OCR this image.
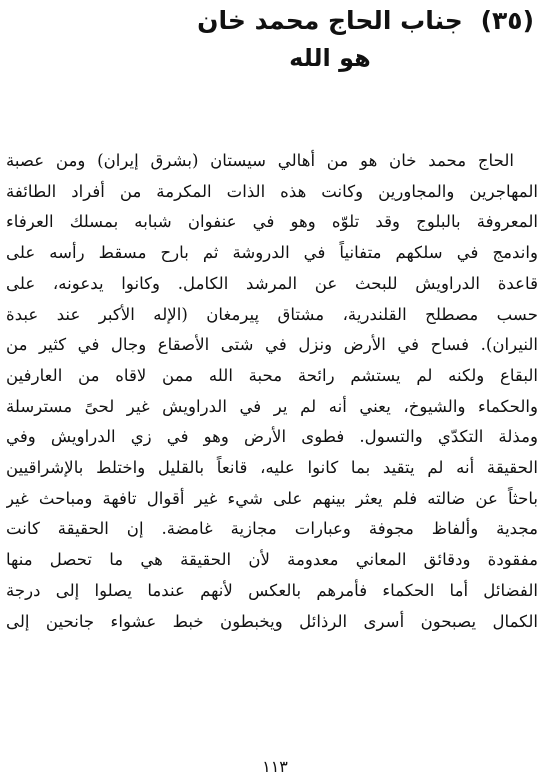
(٣٥)
جناب الحاج محمد خان
هو الله
الحاج محمد خان هو من أهالي سيستان (بشرق إيران) ومن عصبة
المهاجرين والمجاورين وكانت هذه الذات المكرمة من أفراد الطائفة
المعروفة بالبلوج وقد تلوّه وهو في عنفوان شبابه بمسلك العرفاء
واندمج في سلكهم متفانياً في الدروشة ثم بارح مسقط رأسه على
قاعدة الدراويش للبحث عن المرشد الكامل. وكانوا يدعونه، على
حسب مصطلح القلندرية، مشتاق پيرمغان (الإله الأكبر عند عبدة
النيران). فساح في الأرض ونزل في شتى الأصقاع وجال في كثير من
البقاع ولكنه لم يستشم رائحة محبة الله ممن لاقاه من العارفين
والحكماء والشيوخ، يعني أنه لم ير في الدراويش غير لحىً مسترسلة
ومذلة التكدّي والتسول. فطوى الأرض وهو في زي الدراويش وفي
الحقيقة أنه لم يتقيد بما كانوا عليه، قانعاً بالقليل واختلط بالإشراقيين
باحثاً عن ضالته فلم يعثر بينهم على شيء غير أقوال تافهة ومباحث غير
مجدية وألفاظ مجوفة وعبارات مجازية غامضة. إن الحقيقة كانت
مفقودة ودقائق المعاني معدومة لأن الحقيقة هي ما تحصل منها
الفضائل أما الحكماء فأمرهم بالعكس لأنهم عندما يصلوا إلى درجة
الكمال يصبحون أسرى الرذائل ويخبطون خبط عشواء جانحين إلى
١١٣
